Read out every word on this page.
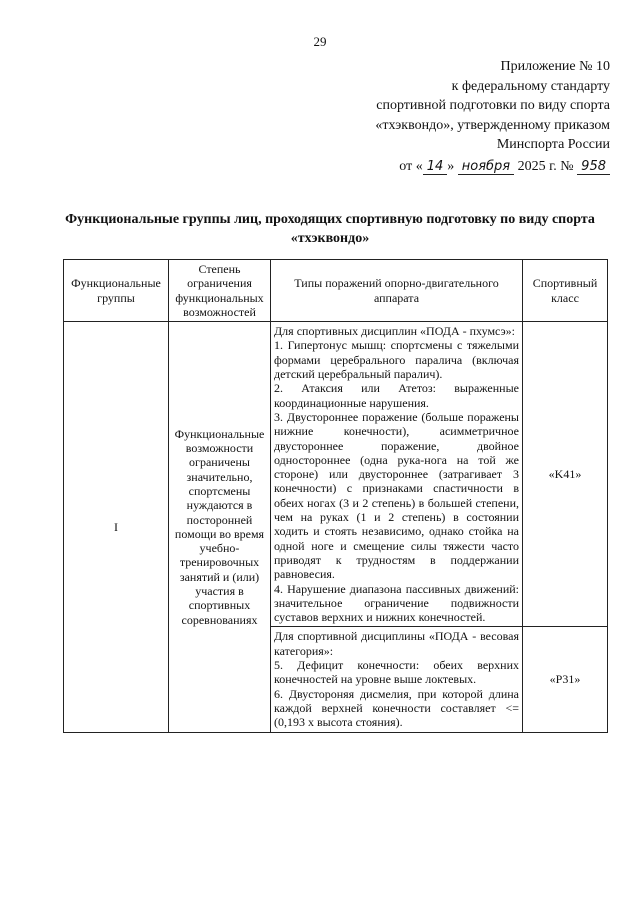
29
Приложение № 10
к федеральному стандарту
спортивной подготовки по виду спорта
«тхэквондо», утвержденному приказом
Минспорта России
от « 14 » ноября 2025 г. № 958
Функциональные группы лиц, проходящих спортивную подготовку по виду спорта «тхэквондо»
Функциональные группы	Степень ограничения функциональных возможностей	Типы поражений опорно-двигательного аппарата	Спортивный класс
I	Функциональные возможности ограничены значительно, спортсмены нуждаются в посторонней помощи во время учебно-тренировочных занятий и (или) участия в спортивных соревнованиях	Для спортивных дисциплин «ПОДА - пхумсэ»:
1. Гипертонус мышц: спортсмены с тяжелыми формами церебрального паралича (включая детский церебральный паралич).
2. Атаксия или Атетоз: выраженные координационные нарушения.
3. Двустороннее поражение (больше поражены нижние конечности), асимметричное двустороннее поражение, двойное одностороннее (одна рука-нога на той же стороне) или двустороннее (затрагивает 3 конечности) с признаками спастичности в обеих ногах (3 и 2 степень) в большей степени, чем на руках (1 и 2 степень) в состоянии ходить и стоять независимо, однако стойка на одной ноге и смещение силы тяжести часто приводят к трудностям в поддержании равновесия.
4. Нарушение диапазона пассивных движений: значительное ограничение подвижности суставов верхних и нижних конечностей.	«K41»

		Для спортивной дисциплины «ПОДА - весовая категория»:
5. Дефицит конечности: обеих верхних конечностей на уровне выше локтевых.
6. Двустороняя дисмелия, при которой длина каждой верхней конечности составляет <= (0,193 х высота стояния).	«P31»
